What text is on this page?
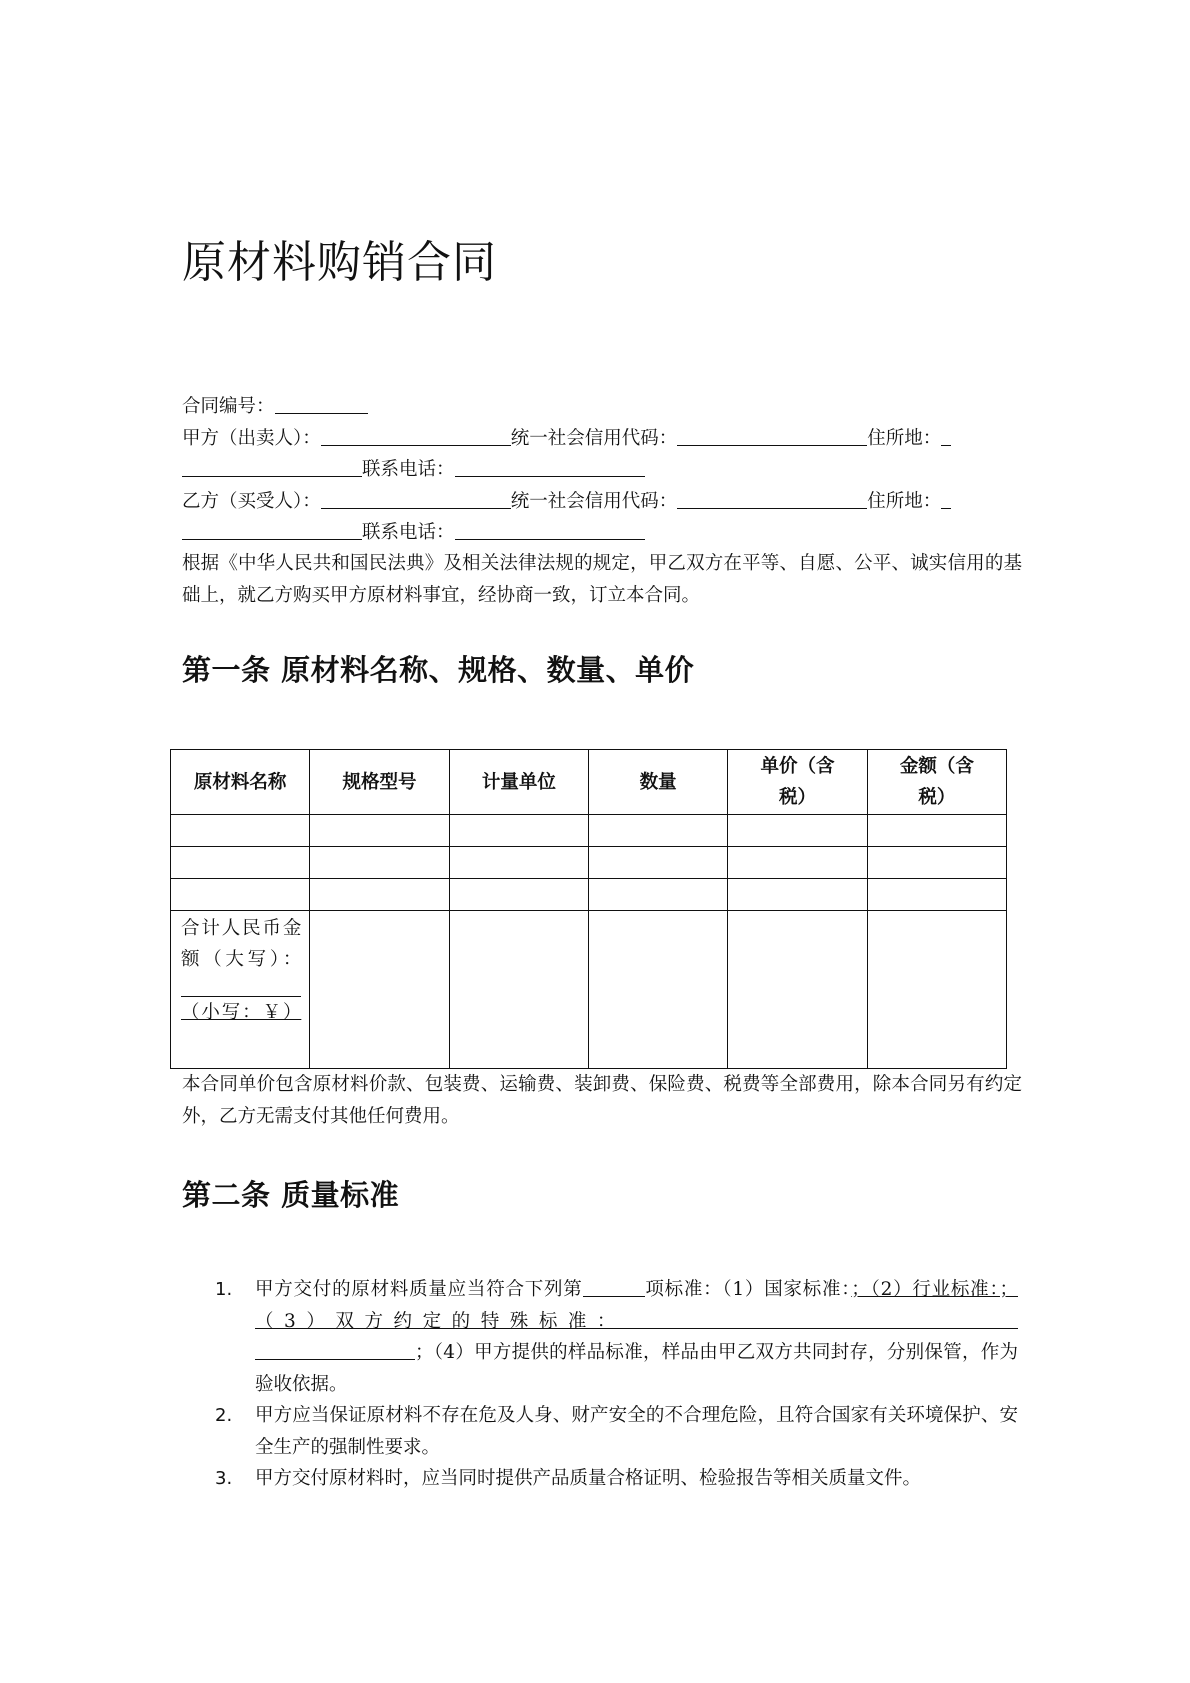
原材料购销合同
合同编号：
甲方（出卖人）：	统一社会信用代码：	住所地：
联系电话：
乙方（买受人）：	统一社会信用代码：	住所地：
联系电话：
根据《中华人民共和国民法典》及相关法律法规的规定，甲乙双方在平等、自愿、公平、诚实信用的基础上，就乙方购买甲方原材料事宜，经协商一致，订立本合同。
第一条 原材料名称、规格、数量、单价
原材料名称	规格型号	计量单位	数量	单价（含税）	金额（含税）

合计人民币金额（大写）：
（小写：￥）					
本合同单价包含原材料价款、包装费、运输费、装卸费、保险费、税费等全部费用，除本合同另有约定外，乙方无需支付其他任何费用。
第二条 质量标准
1. 甲方交付的原材料质量应当符合下列第	项标准：（1）国家标准：；（2）行业标准：；（3）双方约定的特殊标准：；（4）甲方提供的样品标准，样品由甲乙双方共同封存，分别保管，作为验收依据。
2. 甲方应当保证原材料不存在危及人身、财产安全的不合理危险，且符合国家有关环境保护、安全生产的强制性要求。
3. 甲方交付原材料时，应当同时提供产品质量合格证明、检验报告等相关质量文件。
